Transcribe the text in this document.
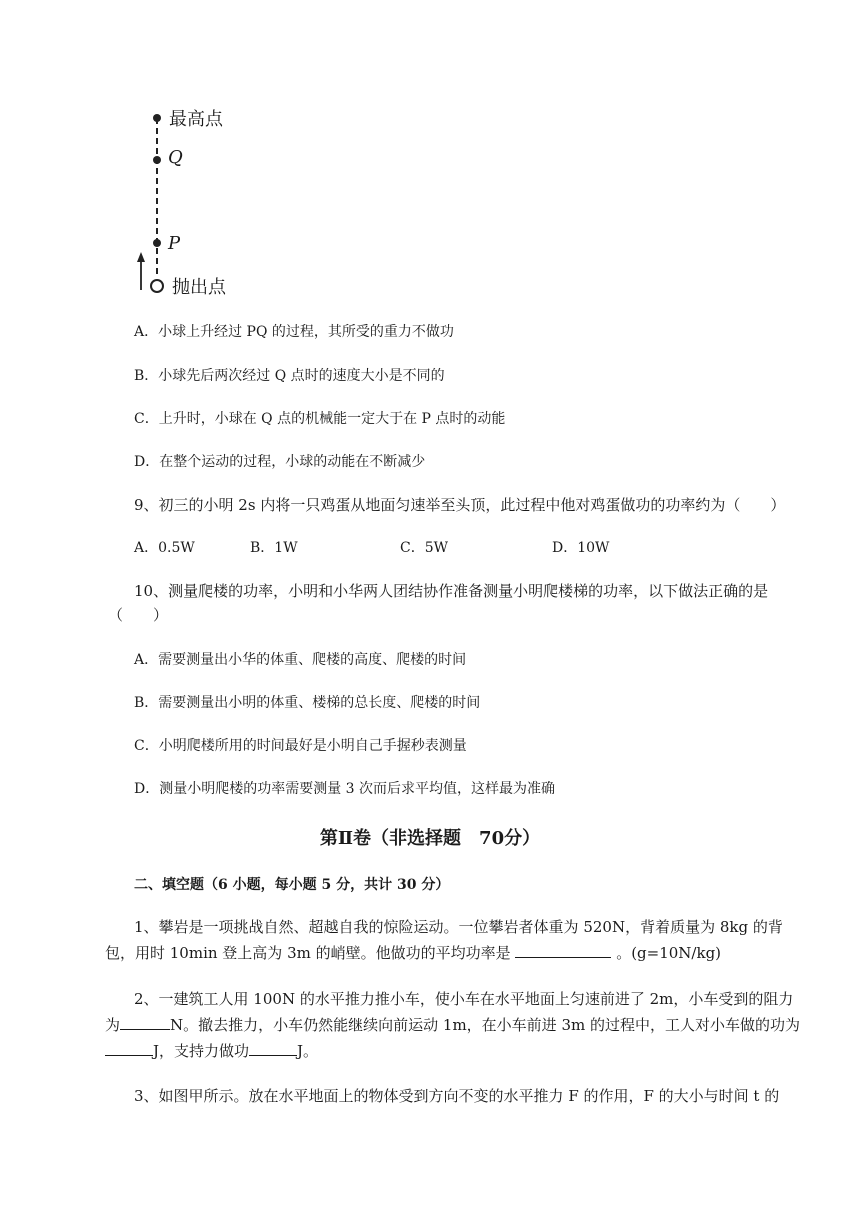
最高点
Q
P
抛出点
A．小球上升经过 PQ 的过程，其所受的重力不做功
B．小球先后两次经过 Q 点时的速度大小是不同的
C．上升时，小球在 Q 点的机械能一定大于在 P 点时的动能
D．在整个运动的过程，小球的动能在不断减少
9、初三的小明 2s 内将一只鸡蛋从地面匀速举至头顶，此过程中他对鸡蛋做功的功率约为（　　）
A．0.5W	B．1W	C．5W	D．10W
10、测量爬楼的功率，小明和小华两人团结协作准备测量小明爬楼梯的功率，以下做法正确的是
（　　）
A．需要测量出小华的体重、爬楼的高度、爬楼的时间
B．需要测量出小明的体重、楼梯的总长度、爬楼的时间
C．小明爬楼所用的时间最好是小明自己手握秒表测量
D．测量小明爬楼的功率需要测量 3 次而后求平均值，这样最为准确
第Ⅱ卷（非选择题　70分）
二、填空题（6 小题，每小题 5 分，共计 30 分）
1、攀岩是一项挑战自然、超越自我的惊险运动。一位攀岩者体重为 520N，背着质量为 8kg 的背
包，用时 10min 登上高为 3m 的峭壁。他做功的平均功率是	。(g=10N/kg)
2、一建筑工人用 100N 的水平推力推小车，使小车在水平地面上匀速前进了 2m，小车受到的阻力
为	N。撤去推力，小车仍然能继续向前运动 1m，在小车前进 3m 的过程中，工人对小车做的功为
J，支持力做功	J。
3、如图甲所示。放在水平地面上的物体受到方向不变的水平推力 F 的作用，F 的大小与时间 t 的
